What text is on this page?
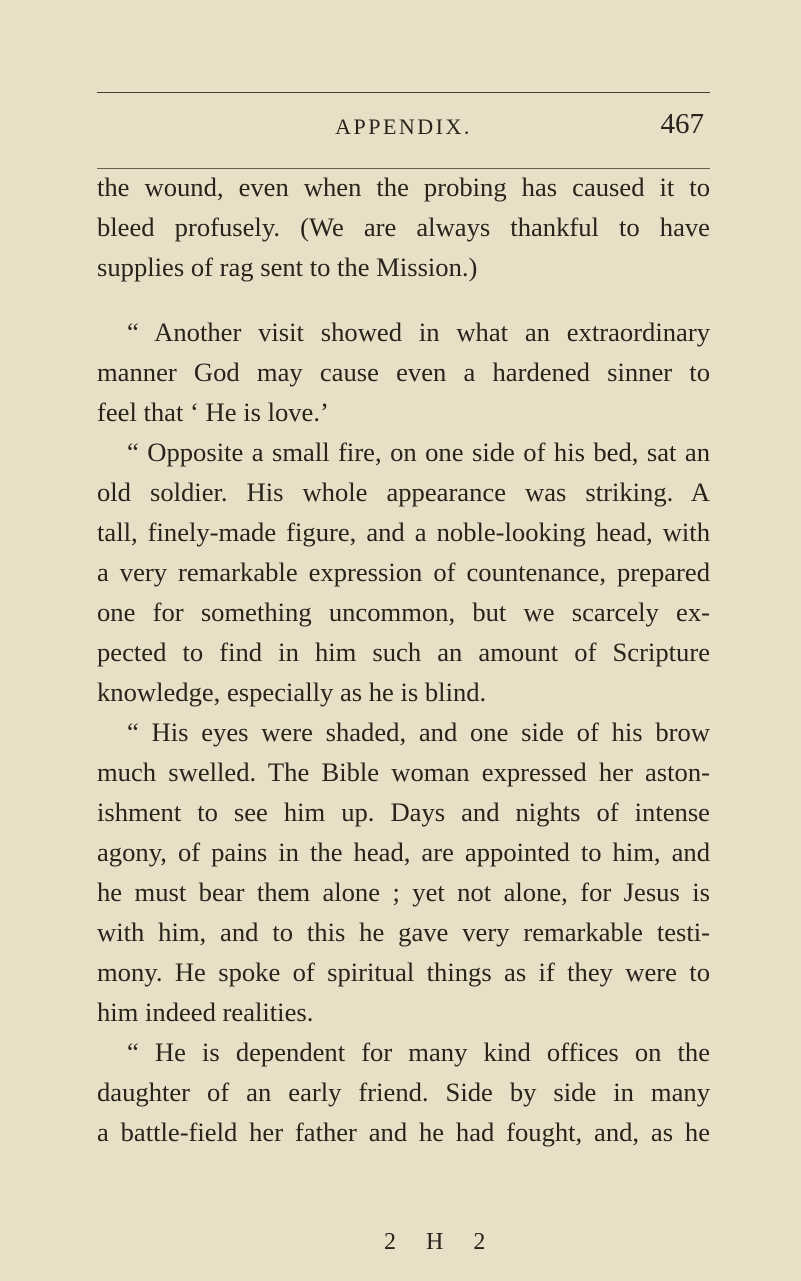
APPENDIX.	467
the wound, even when the probing has caused it to
bleed profusely. (We are always thankful to have
supplies of rag sent to the Mission.)
“ Another visit showed in what an extraordinary
manner God may cause even a hardened sinner to
feel that ‘ He is love.’
“ Opposite a small fire, on one side of his bed, sat an
old soldier. His whole appearance was striking. A
tall, finely-made figure, and a noble-looking head, with
a very remarkable expression of countenance, prepared
one for something uncommon, but we scarcely ex-
pected to find in him such an amount of Scripture
knowledge, especially as he is blind.
“ His eyes were shaded, and one side of his brow
much swelled. The Bible woman expressed her aston-
ishment to see him up. Days and nights of intense
agony, of pains in the head, are appointed to him, and
he must bear them alone ; yet not alone, for Jesus is
with him, and to this he gave very remarkable testi-
mony. He spoke of spiritual things as if they were to
him indeed realities.
“ He is dependent for many kind offices on the
daughter of an early friend. Side by side in many
a battle-field her father and he had fought, and, as he
2 H 2
